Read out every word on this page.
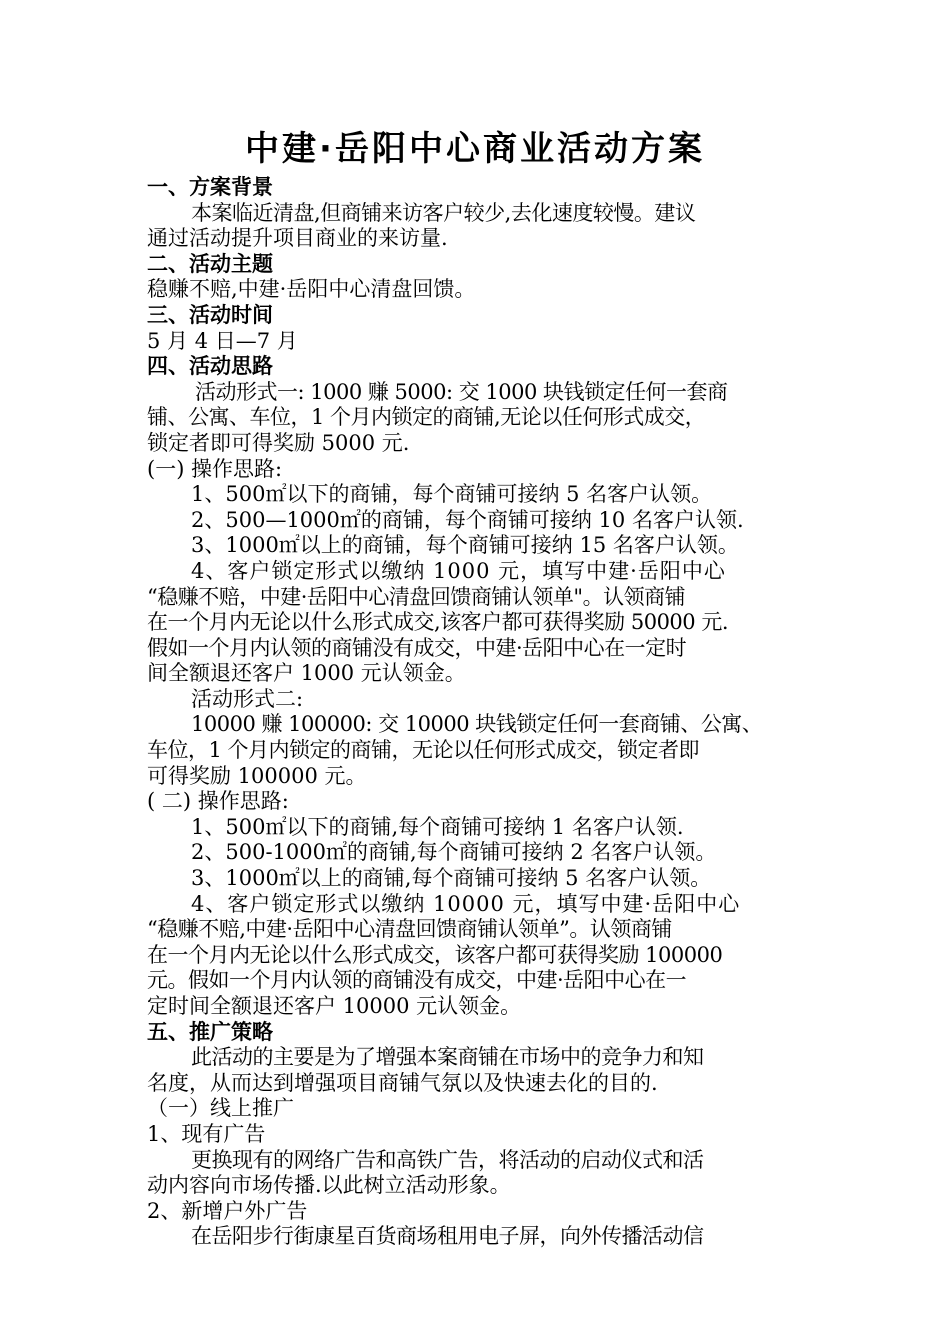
中建·岳阳中心商业活动方案
一、方案背景
本案临近清盘,但商铺来访客户较少,去化速度较慢。建议
通过活动提升项目商业的来访量.
二、活动主题
稳赚不赔,中建·岳阳中心清盘回馈。
三、活动时间
5 月 4 日—7 月
四、活动思路
活动形式一: 1000 赚 5000: 交 1000 块钱锁定任何一套商
铺、公寓、车位，1 个月内锁定的商铺,无论以任何形式成交，
锁定者即可得奖励 5000 元.
(一) 操作思路:
1、500㎡以下的商铺，每个商铺可接纳 5 名客户认领。
2、500—1000㎡的商铺，每个商铺可接纳 10 名客户认领.
3、1000㎡以上的商铺，每个商铺可接纳 15 名客户认领。
4、客户锁定形式以缴纳 1000 元，填写中建·岳阳中心
“稳赚不赔，中建·岳阳中心清盘回馈商铺认领单"。认领商铺
在一个月内无论以什么形式成交,该客户都可获得奖励 50000 元.
假如一个月内认领的商铺没有成交，中建·岳阳中心在一定时
间全额退还客户 1000 元认领金。
活动形式二:
10000 赚 100000: 交 10000 块钱锁定任何一套商铺、公寓、
车位，1 个月内锁定的商铺，无论以任何形式成交，锁定者即
可得奖励 100000 元。
( 二) 操作思路:
1、500㎡以下的商铺,每个商铺可接纳 1 名客户认领.
2、500-1000㎡的商铺,每个商铺可接纳 2 名客户认领。
3、1000㎡以上的商铺,每个商铺可接纳 5 名客户认领。
4、客户锁定形式以缴纳 10000 元，填写中建·岳阳中心
“稳赚不赔,中建·岳阳中心清盘回馈商铺认领单”。认领商铺
在一个月内无论以什么形式成交，该客户都可获得奖励 100000
元。假如一个月内认领的商铺没有成交，中建·岳阳中心在一
定时间全额退还客户 10000 元认领金。
五、推广策略
此活动的主要是为了增强本案商铺在市场中的竞争力和知
名度，从而达到增强项目商铺气氛以及快速去化的目的.
（一）线上推广
1、现有广告
更换现有的网络广告和高铁广告，将活动的启动仪式和活
动内容向市场传播.以此树立活动形象。
2、新增户外广告
在岳阳步行街康星百货商场租用电子屏，向外传播活动信
